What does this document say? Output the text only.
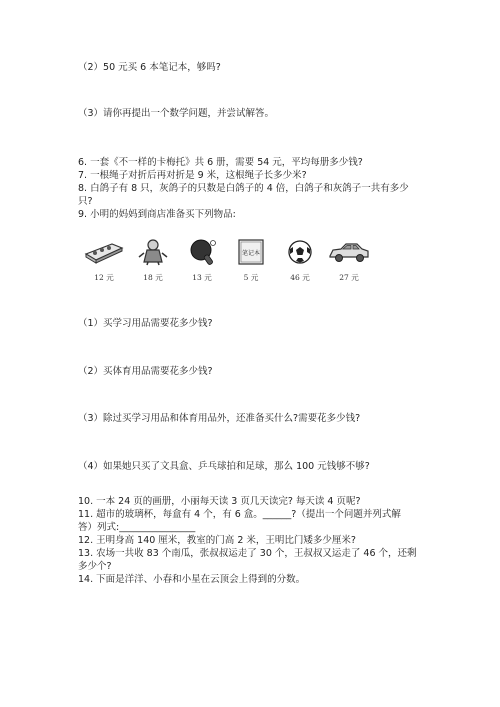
（2）50 元买 6 本笔记本，够吗?
（3）请你再提出一个数学问题，并尝试解答。
6. 一套《不一样的卡梅托》共 6 册，需要 54 元，平均每册多少钱?
7. 一根绳子对折后再对折是 9 米，这根绳子长多少米?
8. 白鸽子有 8 只，灰鸽子的只数是白鸽子的 4 倍，白鸽子和灰鸽子一共有多少
只?
9. 小明的妈妈到商店准备买下列物品:
12 元	18 元	13 元
笔记本
5 元	46 元	27 元
（1）买学习用品需要花多少钱?
（2）买体育用品需要花多少钱?
（3）除过买学习用品和体育用品外，还准备买什么?需要花多少钱?
（4）如果她只买了文具盒、乒乓球拍和足球，那么 100 元钱够不够?
10. 一本 24 页的画册，小丽每天读 3 页几天读完? 每天读 4 页呢?
11. 超市的玻璃杯，每盒有 4 个，有 6 盒。______?（提出一个问题并列式解
答）列式:________________
12. 王明身高 140 厘米，教室的门高 2 米，王明比门矮多少厘米?
13. 农场一共收 83 个南瓜，张叔叔运走了 30 个，王叔叔又运走了 46 个，还剩
多少个?
14. 下面是洋洋、小春和小星在云顶会上得到的分数。
